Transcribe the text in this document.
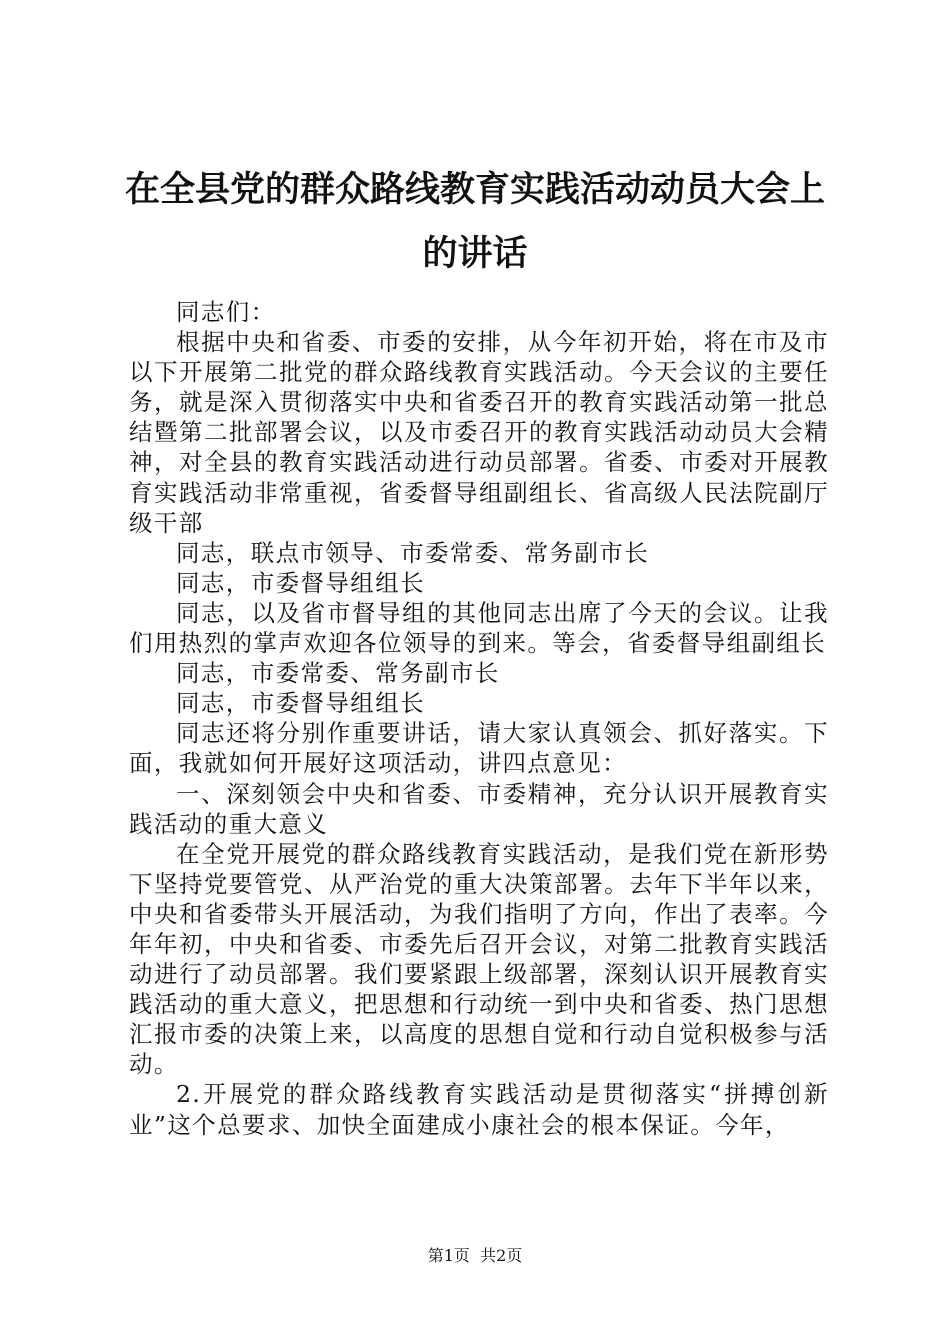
在全县党的群众路线教育实践活动动员大会上
的讲话

同志们：

根据中央和省委、市委的安排，从今年初开始，将在市及市以下开展第二批党的群众路线教育实践活动。今天会议的主要任务，就是深入贯彻落实中央和省委召开的教育实践活动第一批总结暨第二批部署会议，以及市委召开的教育实践活动动员大会精神，对全县的教育实践活动进行动员部署。省委、市委对开展教育实践活动非常重视，省委督导组副组长、省高级人民法院副厅级干部

同志，联点市领导、市委常委、常务副市长

同志，市委督导组组长

同志，以及省市督导组的其他同志出席了今天的会议。让我们用热烈的掌声欢迎各位领导的到来。等会，省委督导组副组长

同志，市委常委、常务副市长

同志，市委督导组组长

同志还将分别作重要讲话，请大家认真领会、抓好落实。下面，我就如何开展好这项活动，讲四点意见：

一、深刻领会中央和省委、市委精神，充分认识开展教育实践活动的重大意义

在全党开展党的群众路线教育实践活动，是我们党在新形势下坚持党要管党、从严治党的重大决策部署。去年下半年以来，中央和省委带头开展活动，为我们指明了方向，作出了表率。今年年初，中央和省委、市委先后召开会议，对第二批教育实践活动进行了动员部署。我们要紧跟上级部署，深刻认识开展教育实践活动的重大意义，把思想和行动统一到中央和省委、热门思想汇报市委的决策上来，以高度的思想自觉和行动自觉积极参与活动。

2.开展党的群众路线教育实践活动是贯彻落实“拼搏创新业”这个总要求、加快全面建成小康社会的根本保证。今年，

第1页 共2页
